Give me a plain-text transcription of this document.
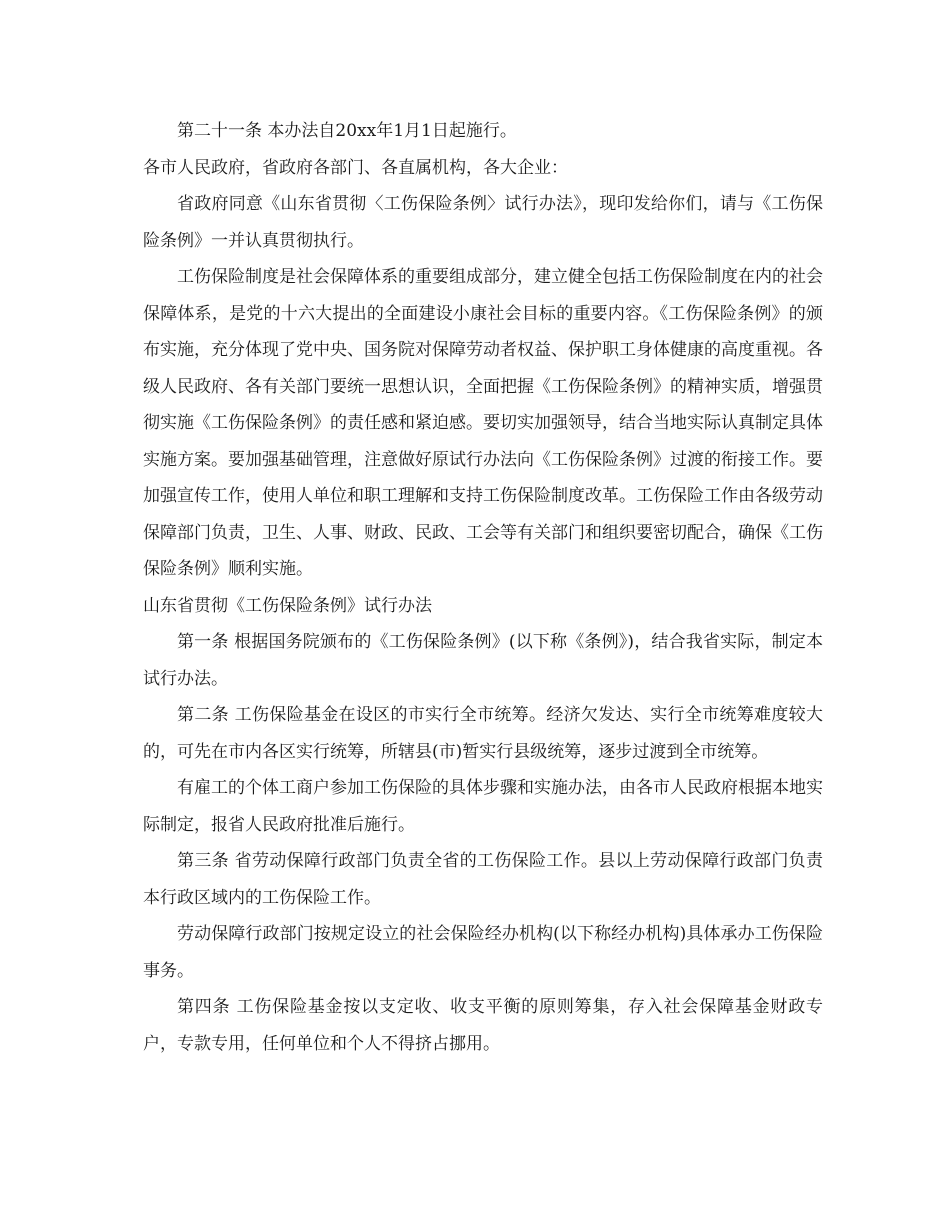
第二十一条 本办法自20xx年1月1日起施行。

各市人民政府，省政府各部门、各直属机构，各大企业：

省政府同意《山东省贯彻〈工伤保险条例〉试行办法》，现印发给你们，请与《工伤保险条例》一并认真贯彻执行。

工伤保险制度是社会保障体系的重要组成部分，建立健全包括工伤保险制度在内的社会保障体系，是党的十六大提出的全面建设小康社会目标的重要内容。《工伤保险条例》的颁布实施，充分体现了党中央、国务院对保障劳动者权益、保护职工身体健康的高度重视。各级人民政府、各有关部门要统一思想认识，全面把握《工伤保险条例》的精神实质，增强贯彻实施《工伤保险条例》的责任感和紧迫感。要切实加强领导，结合当地实际认真制定具体实施方案。要加强基础管理，注意做好原试行办法向《工伤保险条例》过渡的衔接工作。要加强宣传工作，使用人单位和职工理解和支持工伤保险制度改革。工伤保险工作由各级劳动保障部门负责，卫生、人事、财政、民政、工会等有关部门和组织要密切配合，确保《工伤保险条例》顺利实施。

山东省贯彻《工伤保险条例》试行办法

第一条 根据国务院颁布的《工伤保险条例》(以下称《条例》)，结合我省实际，制定本试行办法。

第二条 工伤保险基金在设区的市实行全市统筹。经济欠发达、实行全市统筹难度较大的，可先在市内各区实行统筹，所辖县(市)暂实行县级统筹，逐步过渡到全市统筹。

有雇工的个体工商户参加工伤保险的具体步骤和实施办法，由各市人民政府根据本地实际制定，报省人民政府批准后施行。

第三条 省劳动保障行政部门负责全省的工伤保险工作。县以上劳动保障行政部门负责本行政区域内的工伤保险工作。

劳动保障行政部门按规定设立的社会保险经办机构(以下称经办机构)具体承办工伤保险事务。

第四条 工伤保险基金按以支定收、收支平衡的原则筹集，存入社会保障基金财政专户，专款专用，任何单位和个人不得挤占挪用。
